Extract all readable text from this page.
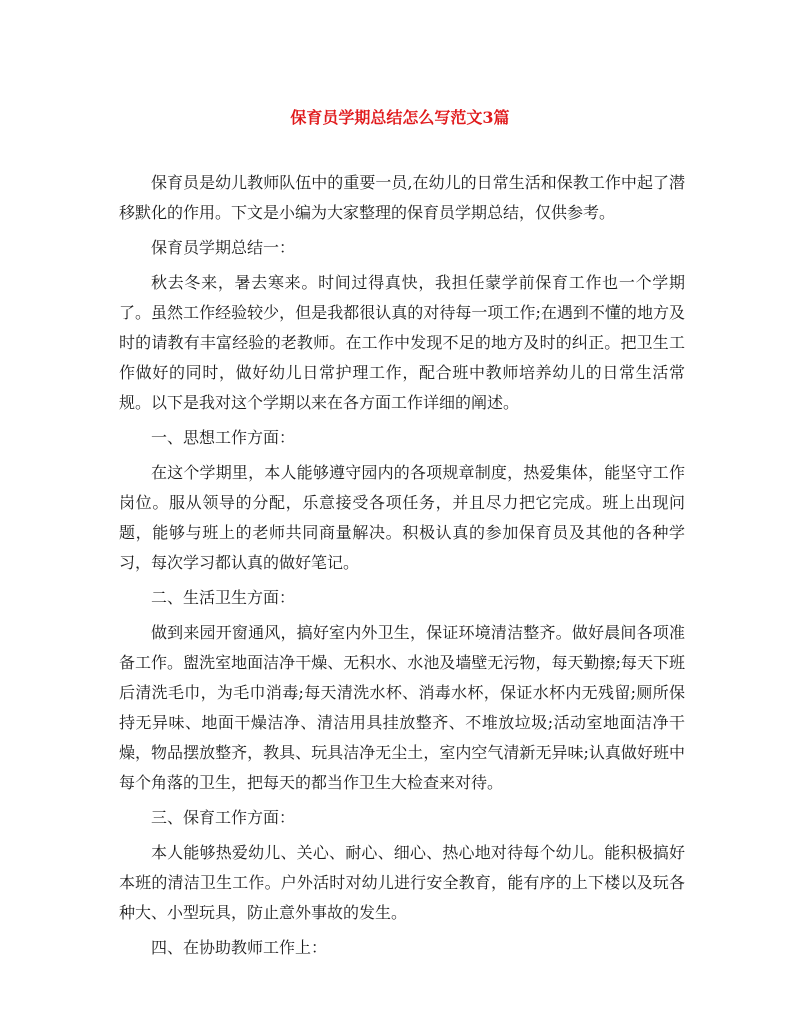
保育员学期总结怎么写范文3篇

保育员是幼儿教师队伍中的重要一员,在幼儿的日常生活和保教工作中起了潜移默化的作用。下文是小编为大家整理的保育员学期总结，仅供参考。

保育员学期总结一：

秋去冬来，暑去寒来。时间过得真快，我担任蒙学前保育工作也一个学期了。虽然工作经验较少，但是我都很认真的对待每一项工作;在遇到不懂的地方及时的请教有丰富经验的老教师。在工作中发现不足的地方及时的纠正。把卫生工作做好的同时，做好幼儿日常护理工作，配合班中教师培养幼儿的日常生活常规。以下是我对这个学期以来在各方面工作详细的阐述。

一、思想工作方面：

在这个学期里，本人能够遵守园内的各项规章制度，热爱集体，能坚守工作岗位。服从领导的分配，乐意接受各项任务，并且尽力把它完成。班上出现问题，能够与班上的老师共同商量解决。积极认真的参加保育员及其他的各种学习，每次学习都认真的做好笔记。

二、生活卫生方面：

做到来园开窗通风，搞好室内外卫生，保证环境清洁整齐。做好晨间各项准备工作。盥洗室地面洁净干燥、无积水、水池及墙壁无污物，每天勤擦;每天下班后清洗毛巾，为毛巾消毒;每天清洗水杯、消毒水杯，保证水杯内无残留;厕所保持无异味、地面干燥洁净、清洁用具挂放整齐、不堆放垃圾;活动室地面洁净干燥，物品摆放整齐，教具、玩具洁净无尘土，室内空气清新无异味;认真做好班中每个角落的卫生，把每天的都当作卫生大检查来对待。

三、保育工作方面：

本人能够热爱幼儿、关心、耐心、细心、热心地对待每个幼儿。能积极搞好本班的清洁卫生工作。户外活时对幼儿进行安全教育，能有序的上下楼以及玩各种大、小型玩具，防止意外事故的发生。

四、在协助教师工作上：
